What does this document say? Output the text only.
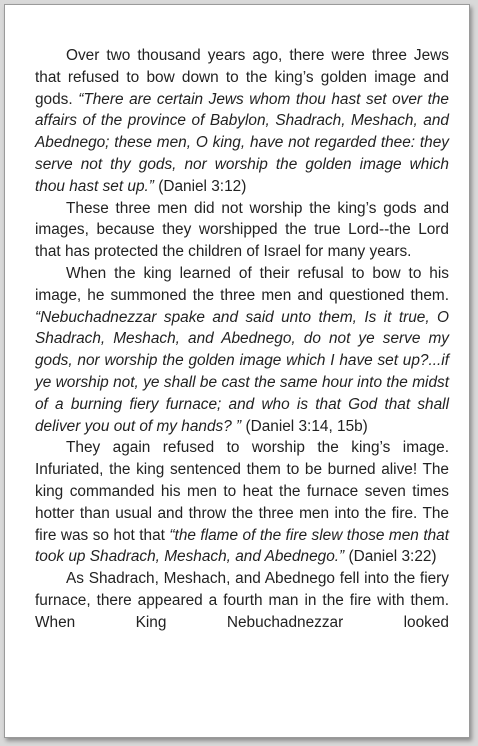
Over two thousand years ago, there were three Jews that refused to bow down to the king’s golden image and gods. “There are certain Jews whom thou hast set over the affairs of the province of Babylon, Shadrach, Meshach, and Abednego; these men, O king, have not regarded thee: they serve not thy gods, nor worship the golden image which thou hast set up.” (Daniel 3:12)

These three men did not worship the king’s gods and images, because they worshipped the true Lord--the Lord that has protected the children of Israel for many years.

When the king learned of their refusal to bow to his image, he summoned the three men and questioned them. “Nebuchadnezzar spake and said unto them, Is it true, O Shadrach, Meshach, and Abednego, do not ye serve my gods, nor worship the golden image which I have set up?...if ye worship not, ye shall be cast the same hour into the midst of a burning fiery furnace; and who is that God that shall deliver you out of my hands? ” (Daniel 3:14, 15b)

They again refused to worship the king’s image. Infuriated, the king sentenced them to be burned alive! The king commanded his men to heat the furnace seven times hotter than usual and throw the three men into the fire. The fire was so hot that “the flame of the fire slew those men that took up Shadrach, Meshach, and Abednego.” (Daniel 3:22)

As Shadrach, Meshach, and Abednego fell into the fiery furnace, there appeared a fourth man in the fire with them. When King Nebuchadnezzar looked
